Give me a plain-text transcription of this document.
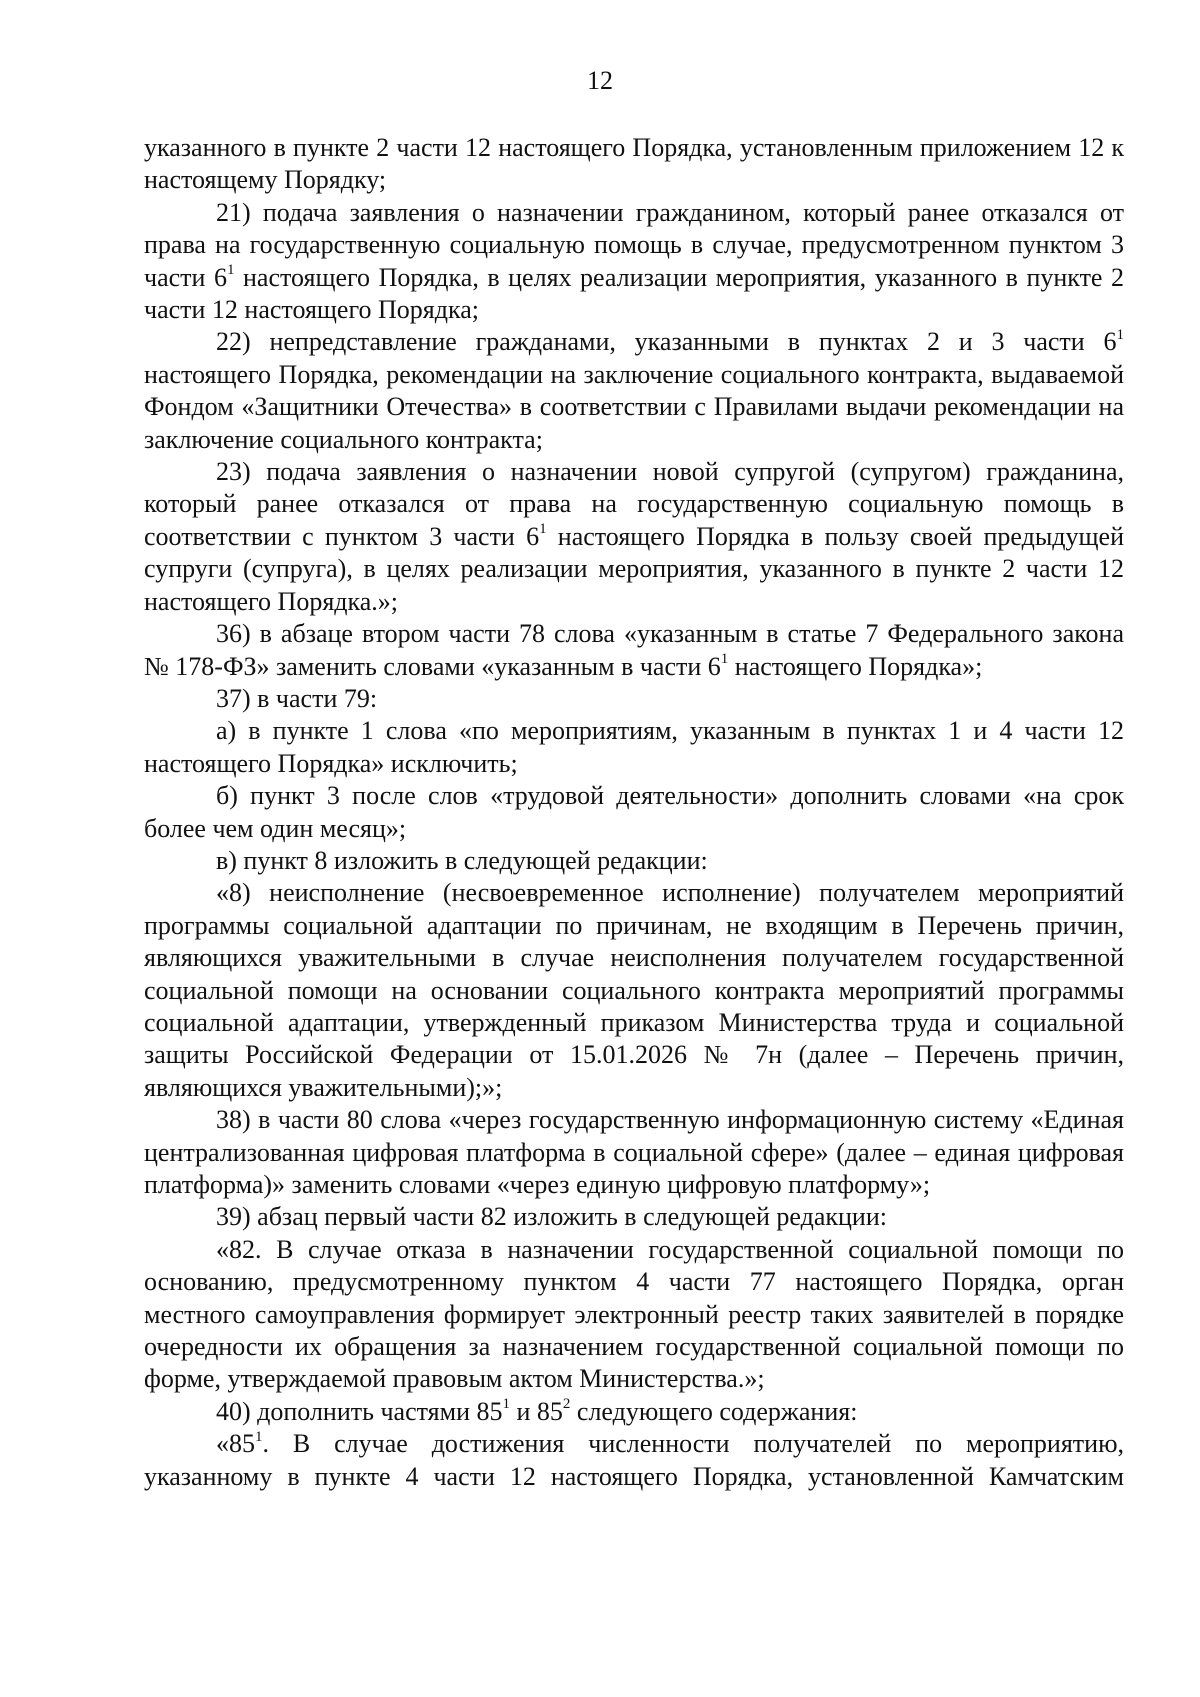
12

указанного в пункте 2 части 12 настоящего Порядка, установленным приложением 12 к настоящему Порядку;

21) подача заявления о назначении гражданином, который ранее отказался от права на государственную социальную помощь в случае, предусмотренном пунктом 3 части $6^1$ настоящего Порядка, в целях реализации мероприятия, указанного в пункте 2 части 12 настоящего Порядка;

22) непредставление гражданами, указанными в пунктах 2 и 3 части $6^1$ настоящего Порядка, рекомендации на заключение социального контракта, выдаваемой Фондом «Защитники Отечества» в соответствии с Правилами выдачи рекомендации на заключение социального контракта;

23) подача заявления о назначении новой супругой (супругом) гражданина, который ранее отказался от права на государственную социальную помощь в соответствии с пунктом 3 части $6^1$ настоящего Порядка в пользу своей предыдущей супруги (супруга), в целях реализации мероприятия, указанного в пункте 2 части 12 настоящего Порядка.»;

36) в абзаце втором части 78 слова «указанным в статье 7 Федерального закона № 178-ФЗ» заменить словами «указанным в части $6^1$ настоящего Порядка»;

37) в части 79:

а) в пункте 1 слова «по мероприятиям, указанным в пунктах 1 и 4 части 12 настоящего Порядка» исключить;

б) пункт 3 после слов «трудовой деятельности» дополнить словами «на срок более чем один месяц»;

в) пункт 8 изложить в следующей редакции:

«8) неисполнение (несвоевременное исполнение) получателем мероприятий программы социальной адаптации по причинам, не входящим в Перечень причин, являющихся уважительными в случае неисполнения получателем государственной социальной помощи на основании социального контракта мероприятий программы социальной адаптации, утвержденный приказом Министерства труда и социальной защиты Российской Федерации от 15.01.2026 № 7н (далее – Перечень причин, являющихся уважительными);»;

38) в части 80 слова «через государственную информационную систему «Единая централизованная цифровая платформа в социальной сфере» (далее – единая цифровая платформа)» заменить словами «через единую цифровую платформу»;

39) абзац первый части 82 изложить в следующей редакции:

«82. В случае отказа в назначении государственной социальной помощи по основанию, предусмотренному пунктом 4 части 77 настоящего Порядка, орган местного самоуправления формирует электронный реестр таких заявителей в порядке очередности их обращения за назначением государственной социальной помощи по форме, утверждаемой правовым актом Министерства.»;

40) дополнить частями $85^1$ и $85^2$ следующего содержания:

«$85^1$. В случае достижения численности получателей по мероприятию, указанному в пункте 4 части 12 настоящего Порядка, установленной Камчатским
